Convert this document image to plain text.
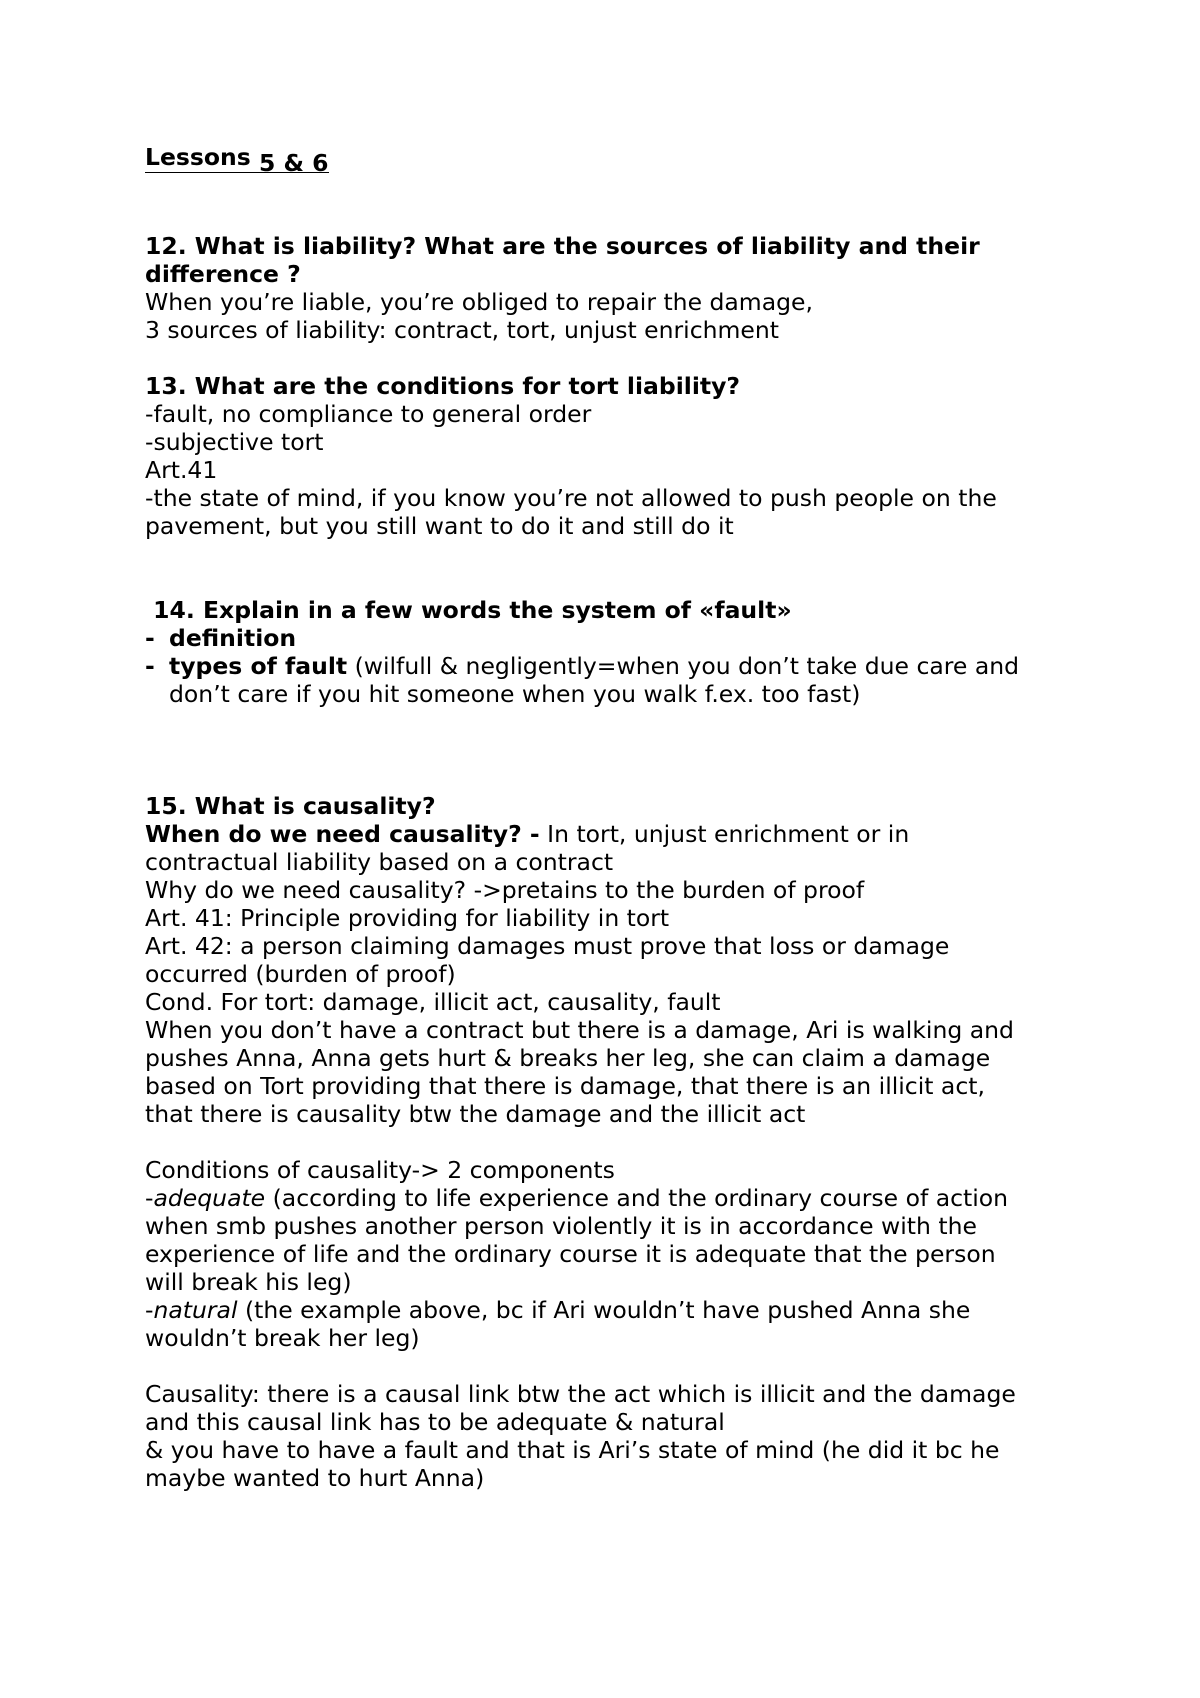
Lessons 5 & 6
12. What is liability? What are the sources of liability and their
difference ?
When you’re liable, you’re obliged to repair the damage,
3 sources of liability: contract, tort, unjust enrichment
13. What are the conditions for tort liability?
-fault, no compliance to general order
-subjective tort
Art.41
-the state of mind, if you know you’re not allowed to push people on the
pavement, but you still want to do it and still do it
14. Explain in a few words the system of «fault»
- definition
- types of fault (wilfull & negligently=when you don’t take due care and
don’t care if you hit someone when you walk f.ex. too fast)
15. What is causality?
When do we need causality? - In tort, unjust enrichment or in
contractual liability based on a contract
Why do we need causality? ->pretains to the burden of proof
Art. 41: Principle providing for liability in tort
Art. 42: a person claiming damages must prove that loss or damage
occurred (burden of proof)
Cond. For tort: damage, illicit act, causality, fault
When you don’t have a contract but there is a damage, Ari is walking and
pushes Anna, Anna gets hurt & breaks her leg, she can claim a damage
based on Tort providing that there is damage, that there is an illicit act,
that there is causality btw the damage and the illicit act
Conditions of causality-> 2 components
-adequate (according to life experience and the ordinary course of action
when smb pushes another person violently it is in accordance with the
experience of life and the ordinary course it is adequate that the person
will break his leg)
-natural (the example above, bc if Ari wouldn’t have pushed Anna she
wouldn’t break her leg)
Causality: there is a causal link btw the act which is illicit and the damage
and this causal link has to be adequate & natural
& you have to have a fault and that is Ari’s state of mind (he did it bc he
maybe wanted to hurt Anna)
